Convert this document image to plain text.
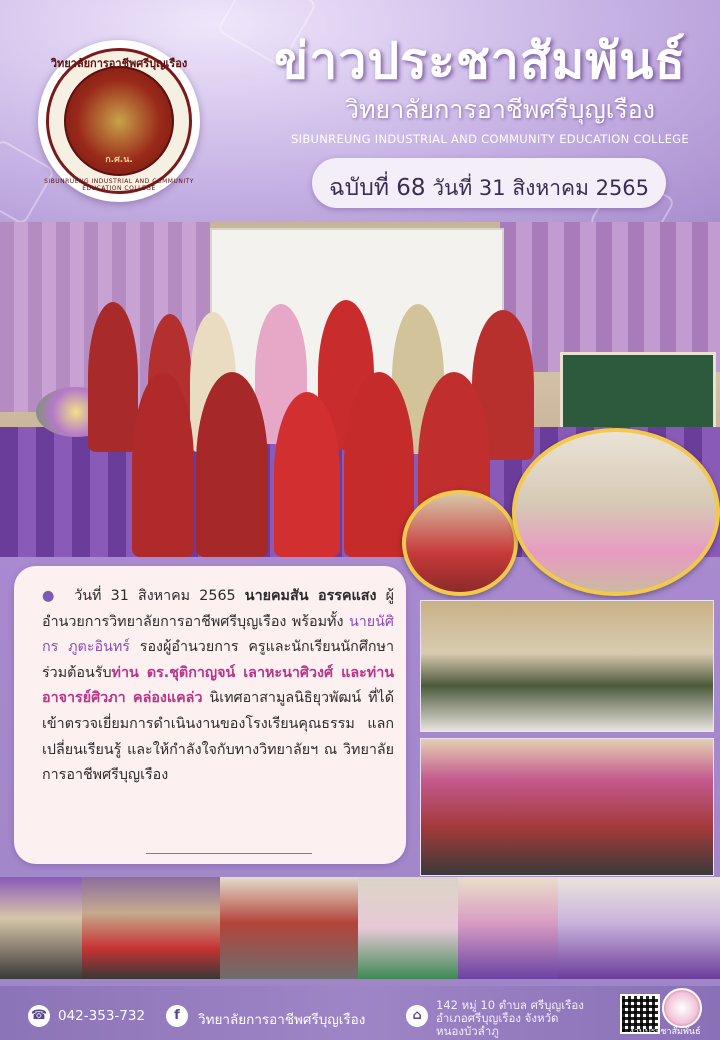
วิทยาลัยการอาชีพศรีบุญเรือง
ก.ศ.น.
SIBUNRUENG INDUSTRIAL AND COMMUNITY EDUCATION COLLEGE
ข่าวประชาสัมพันธ์
วิทยาลัยการอาชีพศรีบุญเรือง
SIBUNREUNG INDUSTRIAL AND COMMUNITY EDUCATION COLLEGE
ฉบับที่ 68 วันที่ 31 สิงหาคม 2565
● วันที่ 31 สิงหาคม 2565 นายคมสัน อรรคแสง ผู้อำนวยการวิทยาลัยการอาชีพศรีบุญเรือง พร้อมทั้ง นายนัศิกร ภูตะอินทร์ รองผู้อำนวยการ ครูและนักเรียนนักศึกษา ร่วมต้อนรับท่าน ดร.ชุติกาญจน์ เลาหะนาศิวงศ์ และท่านอาจารย์ศิวภา คล่องแคล่ว นิเทศอาสามูลนิธิยุวพัฒน์ ที่ได้เข้าตรวจเยี่ยมการดำเนินงานของโรงเรียนคุณธรรม แลกเปลี่ยนเรียนรู้ และให้กำลังใจกับทางวิทยาลัยฯ ณ วิทยาลัยการอาชีพศรีบุญเรือง
☎ 042-353-732	f	วิทยาลัยการอาชีพศรีบุญเรือง	⌂
142 หมู่ 10 ตำบล ศรีบุญเรือง
อำเภอศรีบุญเรือง จังหวัด
หนองบัวลำภู	งานประชาสัมพันธ์
